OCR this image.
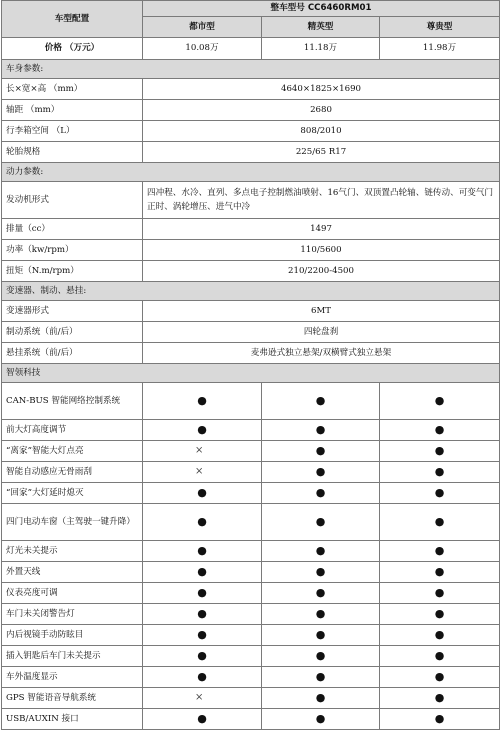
车型配置	整车型号 CC6460RM01		
	都市型	精英型	尊贵型
价格 （万元）	10.08万	11.18万	11.98万
车身参数:			
长×宽×高 （mm）	4640×1825×1690		
轴距 （mm）	2680		
行李箱空间 （L）	808/2010		
轮胎规格	225/65 R17		
动力参数:			
发动机形式	四冲程、水冷、直列、多点电子控制燃油喷射、16气门、双顶置凸轮轴、链传动、可变气门正时、涡轮增压、进气中冷		
排量（cc）	1497		
功率（kw/rpm）	110/5600		
扭矩（N.m/rpm）	210/2200-4500		
变速器、制动、悬挂:			
变速器形式	6MT		
制动系统（前/后）	四轮盘刹		
悬挂系统（前/后）	麦弗逊式独立悬架/双横臂式独立悬架		
智领科技			
CAN-BUS 智能网络控制系统	●	●	●
前大灯高度调节	●	●	●
“离家”智能大灯点亮	×	●	●
智能自动感应无骨雨刮	×	●	●
“回家”大灯延时熄灭	●	●	●
四门电动车窗（主驾驶一键升降）	●	●	●
灯光未关提示	●	●	●
外置天线	●	●	●
仪表亮度可调	●	●	●
车门未关闭警告灯	●	●	●
内后视镜手动防眩目	●	●	●
插入钥匙后车门未关提示	●	●	●
车外温度显示	●	●	●
GPS 智能语音导航系统	×	●	●
USB/AUXIN 接口	●	●	●
